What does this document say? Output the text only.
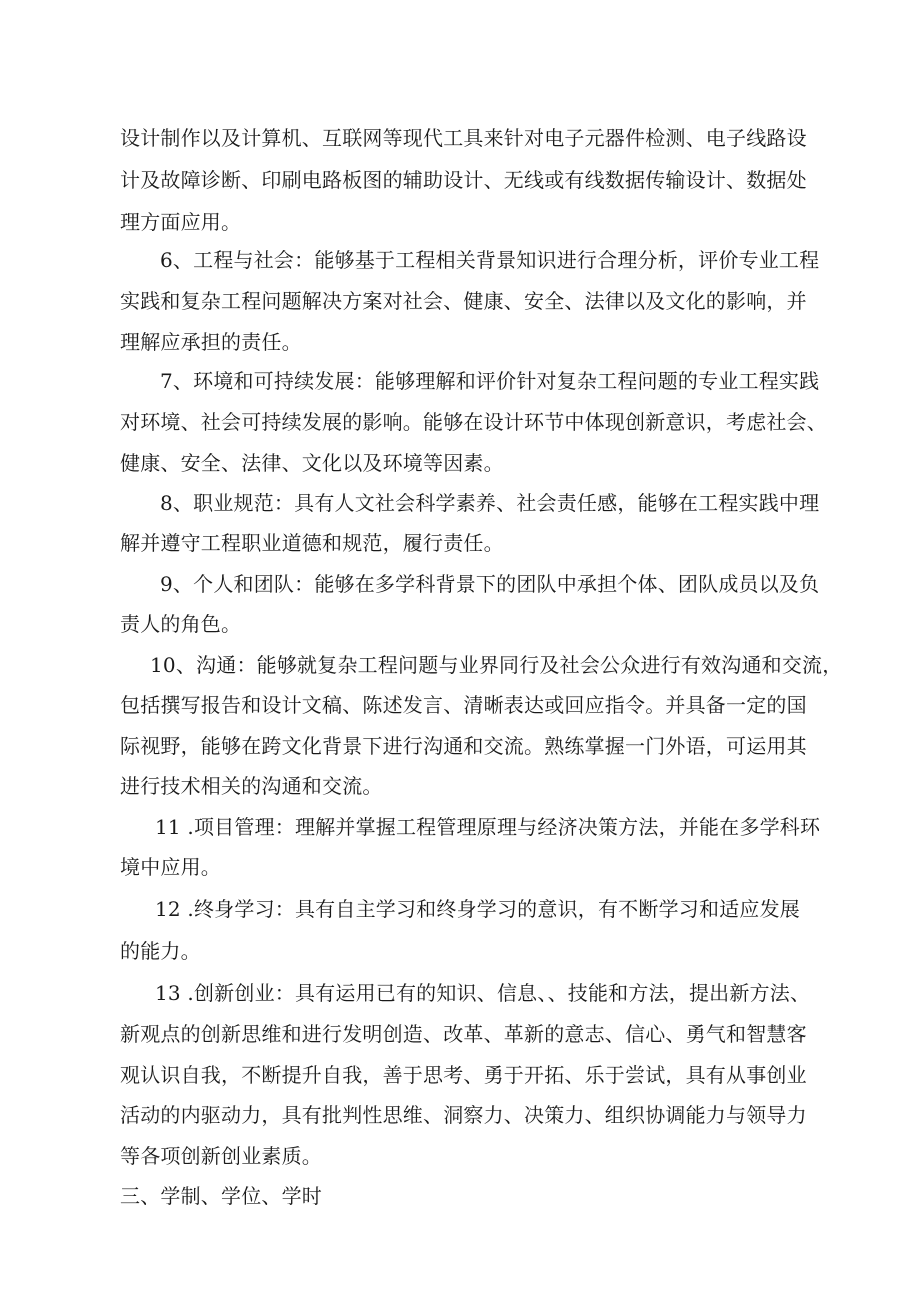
设计制作以及计算机、互联网等现代工具来针对电子元器件检测、电子线路设
计及故障诊断、印刷电路板图的辅助设计、无线或有线数据传输设计、数据处
理方面应用。
6、工程与社会：能够基于工程相关背景知识进行合理分析，评价专业工程
实践和复杂工程问题解决方案对社会、健康、安全、法律以及文化的影响，并
理解应承担的责任。
7、环境和可持续发展：能够理解和评价针对复杂工程问题的专业工程实践
对环境、社会可持续发展的影响。能够在设计环节中体现创新意识，考虑社会、
健康、安全、法律、文化以及环境等因素。
8、职业规范：具有人文社会科学素养、社会责任感，能够在工程实践中理
解并遵守工程职业道德和规范，履行责任。
9、个人和团队：能够在多学科背景下的团队中承担个体、团队成员以及负
责人的角色。
10、沟通：能够就复杂工程问题与业界同行及社会公众进行有效沟通和交流，
包括撰写报告和设计文稿、陈述发言、清晰表达或回应指令。并具备一定的国
际视野，能够在跨文化背景下进行沟通和交流。熟练掌握一门外语，可运用其
进行技术相关的沟通和交流。
11 .项目管理：理解并掌握工程管理原理与经济决策方法，并能在多学科环
境中应用。
12 .终身学习：具有自主学习和终身学习的意识，有不断学习和适应发展
的能力。
13 .创新创业：具有运用已有的知识、信息、、技能和方法，提出新方法、
新观点的创新思维和进行发明创造、改革、革新的意志、信心、勇气和智慧客
观认识自我，不断提升自我，善于思考、勇于开拓、乐于尝试，具有从事创业
活动的内驱动力，具有批判性思维、洞察力、决策力、组织协调能力与领导力
等各项创新创业素质。
三、学制、学位、学时
